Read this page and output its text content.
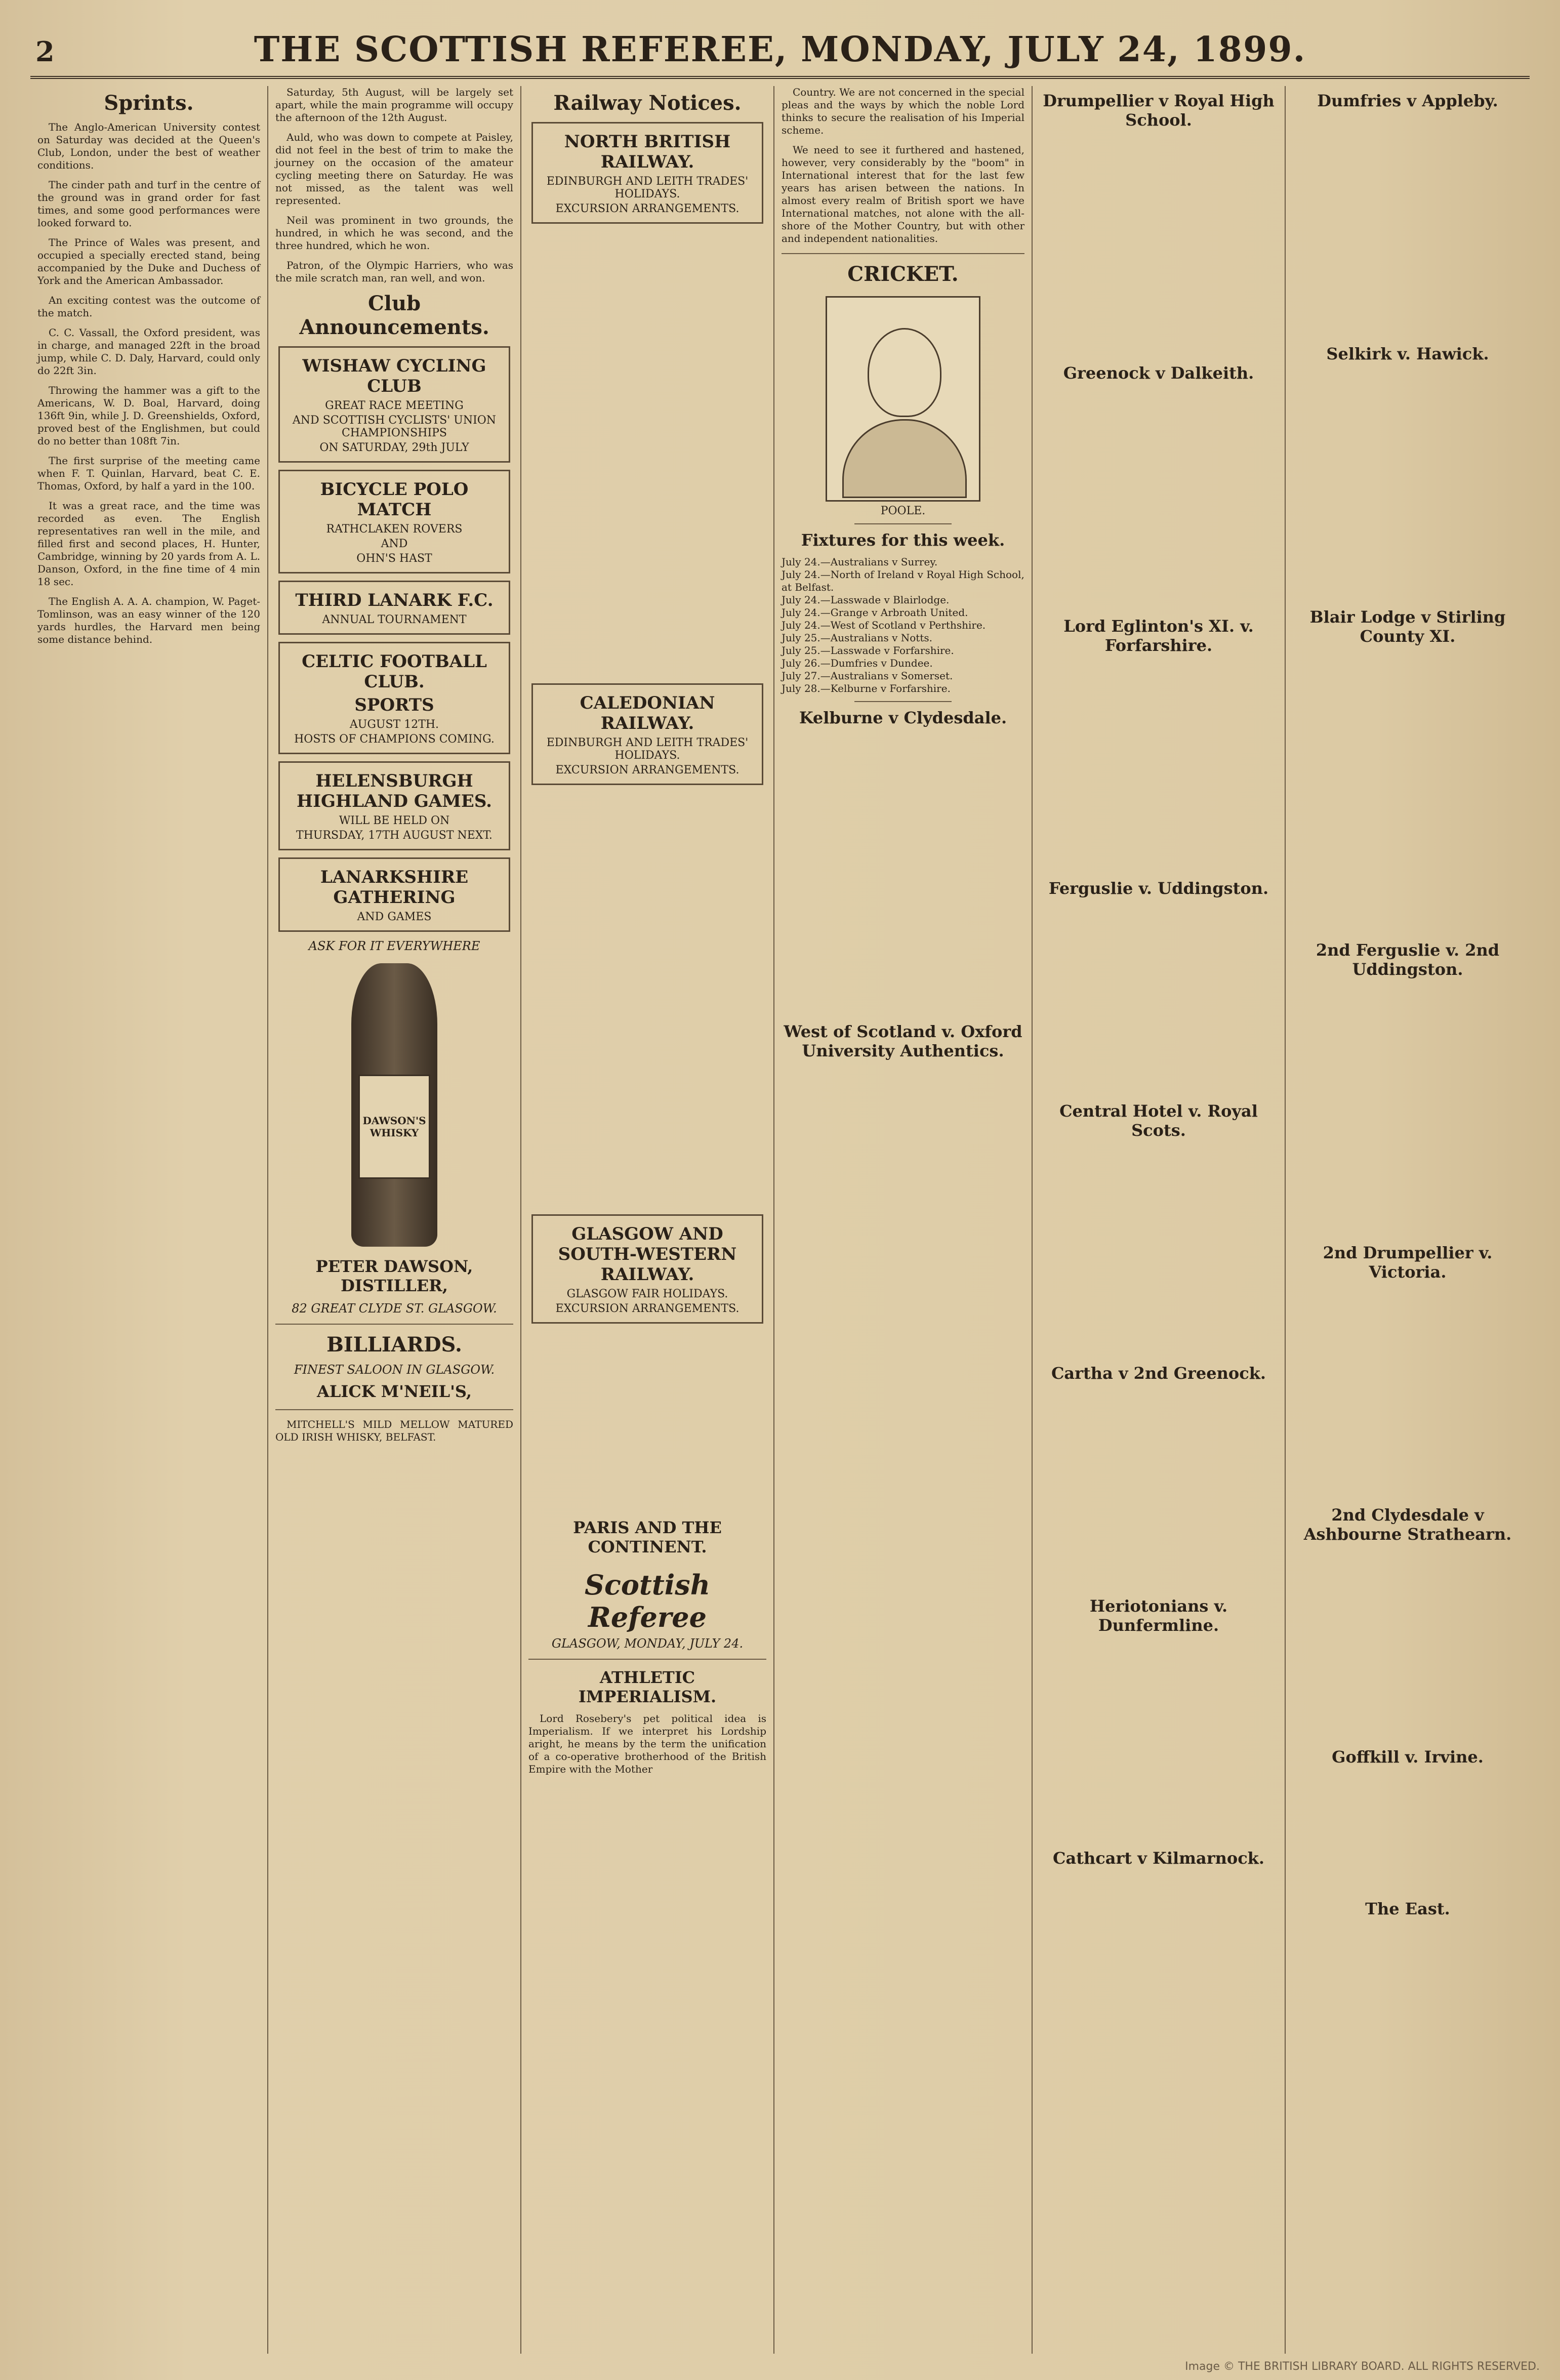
2	THE SCOTTISH REFEREE, MONDAY, JULY 24, 1899.
Sprints.

The Anglo-American University contest on Saturday was decided at the Queen's Club, London, under the best of weather conditions.

The cinder path and turf in the centre of the ground was in grand order for fast times, and some good performances were looked forward to.

The Prince of Wales was present, and occupied a specially erected stand, being accompanied by the Duke and Duchess of York and the American Ambassador.

An exciting contest was the outcome of the match.

C. C. Vassall, the Oxford president, was in charge, and managed 22ft in the broad jump, while C. D. Daly, Harvard, could only do 22ft 3in.

Throwing the hammer was a gift to the Americans, W. D. Boal, Harvard, doing 136ft 9in, while J. D. Greenshields, Oxford, proved best of the Englishmen, but could do no better than 108ft 7in.

The first surprise of the meeting came when F. T. Quinlan, Harvard, beat C. E. Thomas, Oxford, by half a yard in the 100.

It was a great race, and the time was recorded as even. The English representatives ran well in the mile, and filled first and second places, H. Hunter, Cambridge, winning by 20 yards from A. L. Danson, Oxford, in the fine time of 4 min 18 sec.

The English A. A. A. champion, W. Paget-Tomlinson, was an easy winner of the 120 yards hurdles, the Harvard men being some distance behind.

Saturday, 5th August, will be largely set apart, while the main programme will occupy the afternoon of the 12th August.

Auld, who was down to compete at Paisley, did not feel in the best of trim to make the journey on the occasion of the amateur cycling meeting there on Saturday. He was not missed, as the talent was well represented.

Neil was prominent in two grounds, the hundred, in which he was second, and the three hundred, which he won.

Patron, of the Olympic Harriers, who was the mile scratch man, ran well, and won.

Club Announcements.
WISHAW CYCLING CLUB
GREAT RACE MEETING
AND SCOTTISH CYCLISTS' UNION CHAMPIONSHIPS
ON SATURDAY, 29th JULY
BICYCLE POLO MATCH
RATHCLAKEN ROVERS
AND
OHN'S HAST
THIRD LANARK F.C.
ANNUAL TOURNAMENT
CELTIC FOOTBALL CLUB.
SPORTS
AUGUST 12TH.
HOSTS OF CHAMPIONS COMING.
HELENSBURGH HIGHLAND GAMES.
WILL BE HELD ON
THURSDAY, 17TH AUGUST NEXT.
LANARKSHIRE GATHERING
AND GAMES
ASK FOR IT EVERYWHERE
DAWSON'S WHISKY
PETER DAWSON, DISTILLER,
82 GREAT CLYDE ST. GLASGOW.
BILLIARDS.
FINEST SALOON IN GLASGOW.
ALICK M'NEIL'S,

MITCHELL'S MILD MELLOW MATURED OLD IRISH WHISKY, BELFAST.

Railway Notices.
NORTH BRITISH RAILWAY.
EDINBURGH AND LEITH TRADES' HOLIDAYS.
EXCURSION ARRANGEMENTS.
CALEDONIAN RAILWAY.
EDINBURGH AND LEITH TRADES' HOLIDAYS.
EXCURSION ARRANGEMENTS.
GLASGOW AND SOUTH-WESTERN RAILWAY.
GLASGOW FAIR HOLIDAYS.
EXCURSION ARRANGEMENTS.
PARIS AND THE CONTINENT.
Scottish Referee
GLASGOW, MONDAY, JULY 24.
ATHLETIC IMPERIALISM.

Lord Rosebery's pet political idea is Imperialism. If we interpret his Lordship aright, he means by the term the unification of a co-operative brotherhood of the British Empire with the Mother

Country. We are not concerned in the special pleas and the ways by which the noble Lord thinks to secure the realisation of his Imperial scheme.

We need to see it furthered and hastened, however, very considerably by the "boom" in International interest that for the last few years has arisen between the nations. In almost every realm of British sport we have International matches, not alone with the all-shore of the Mother Country, but with other and independent nationalities.

CRICKET.
POOLE.
Fixtures for this week.

July 24.—Australians v Surrey.

July 24.—North of Ireland v Royal High School, at Belfast.

July 24.—Lasswade v Blairlodge.

July 24.—Grange v Arbroath United.

July 24.—West of Scotland v Perthshire.

July 25.—Australians v Notts.

July 25.—Lasswade v Forfarshire.

July 26.—Dumfries v Dundee.

July 27.—Australians v Somerset.

July 28.—Kelburne v Forfarshire.

Kelburne v Clydesdale.
West of Scotland v. Oxford University Authentics.
Drumpellier v Royal High School.
Greenock v Dalkeith.
Lord Eglinton's XI. v. Forfarshire.
Ferguslie v. Uddingston.
Central Hotel v. Royal Scots.
Cartha v 2nd Greenock.
Heriotonians v. Dunfermline.
Cathcart v Kilmarnock.
Dumfries v Appleby.
Selkirk v. Hawick.
Blair Lodge v Stirling County XI.
2nd Ferguslie v. 2nd Uddingston.
2nd Drumpellier v. Victoria.
2nd Clydesdale v Ashbourne Strathearn.
Goffkill v. Irvine.
The East.
Image © THE BRITISH LIBRARY BOARD. ALL RIGHTS RESERVED.
